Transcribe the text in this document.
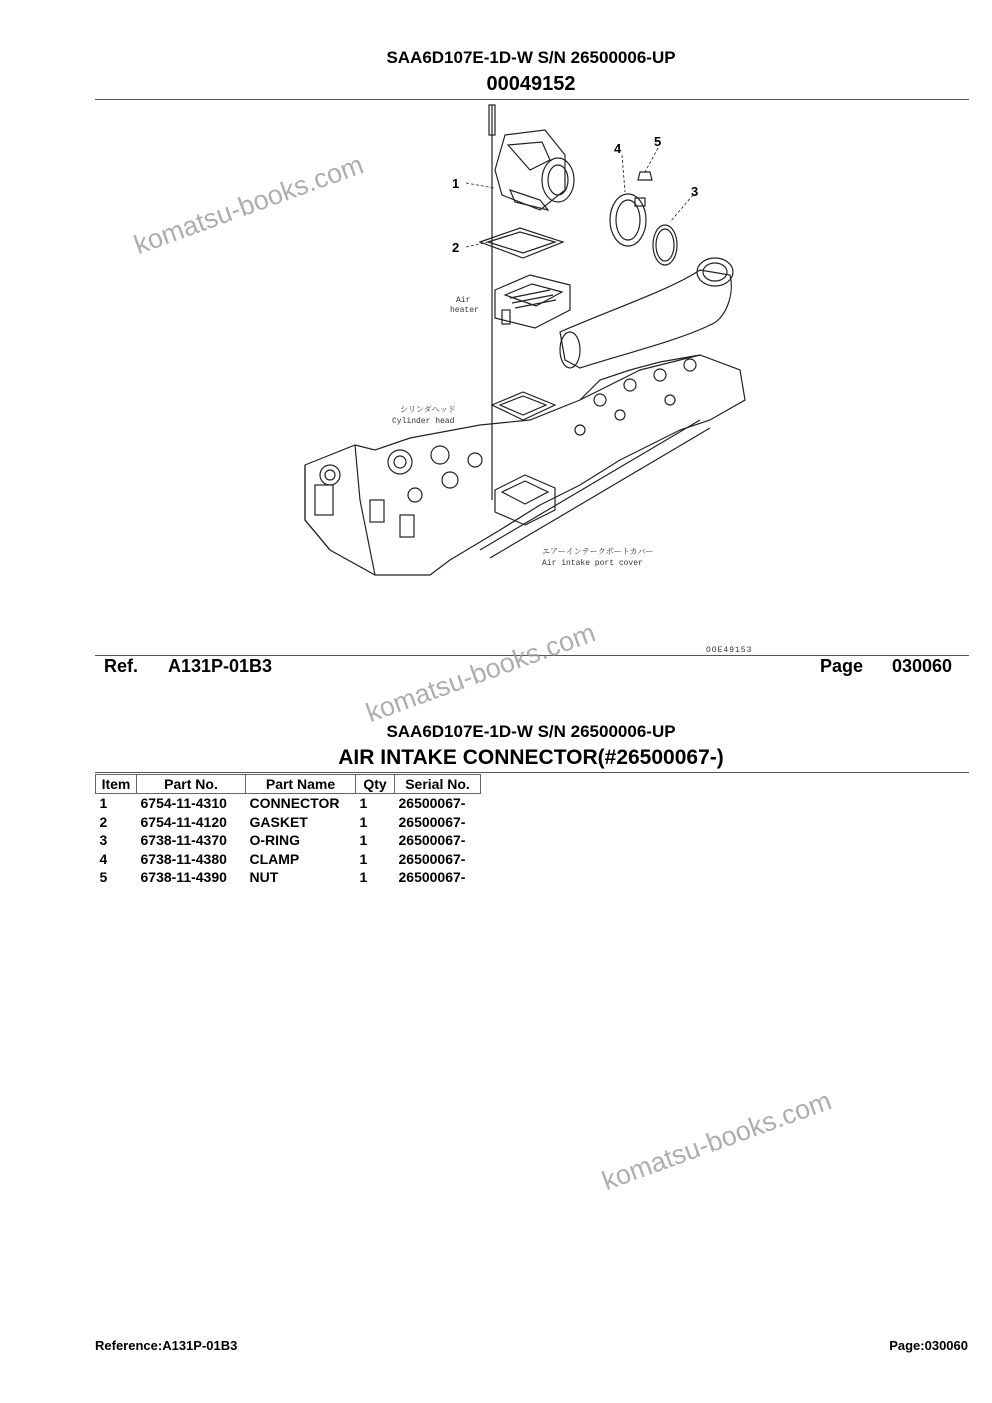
SAA6D107E-1D-W S/N 26500006-UP
00049152
1
2
3
4	5
Air
heater
シリンダヘッド
Cylinder head
エアーインテークポートカバー
Air intake port cover
OOE49153
Ref. A131P-01B3	Page 030060
SAA6D107E-1D-W S/N 26500006-UP
AIR INTAKE CONNECTOR(#26500067-)
Item	Part No.	Part Name	Qty	Serial No.
1	6754-11-4310	CONNECTOR	1	26500067-
2	6754-11-4120	GASKET	1	26500067-
3	6738-11-4370	O-RING	1	26500067-
4	6738-11-4380	CLAMP	1	26500067-
5	6738-11-4390	NUT	1	26500067-
komatsu-books.com
komatsu-books.com
komatsu-books.com
Reference:A131P-01B3	Page:030060
